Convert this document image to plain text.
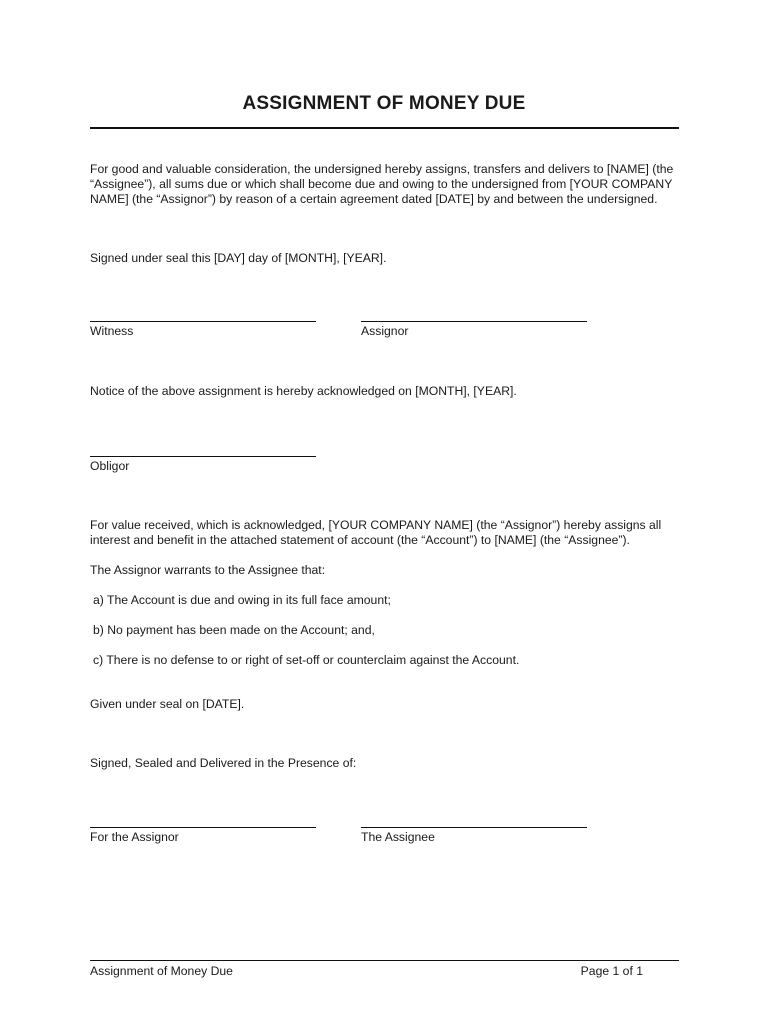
ASSIGNMENT OF MONEY DUE
For good and valuable consideration, the undersigned hereby assigns, transfers and delivers to [NAME] (the “Assignee”), all sums due or which shall become due and owing to the undersigned from [YOUR COMPANY NAME] (the “Assignor”) by reason of a certain agreement dated [DATE] by and between the undersigned.
Signed under seal this [DAY] day of [MONTH], [YEAR].
Witness	Assignor
Notice of the above assignment is hereby acknowledged on [MONTH], [YEAR].
Obligor
For value received, which is acknowledged, [YOUR COMPANY NAME] (the “Assignor”) hereby assigns all interest and benefit in the attached statement of account (the “Account”) to [NAME] (the “Assignee”).
The Assignor warrants to the Assignee that:
a) The Account is due and owing in its full face amount;
b) No payment has been made on the Account; and,
c) There is no defense to or right of set-off or counterclaim against the Account.
Given under seal on [DATE].
Signed, Sealed and Delivered in the Presence of:
For the Assignor	The Assignee
Assignment of Money Due	Page 1 of 1
